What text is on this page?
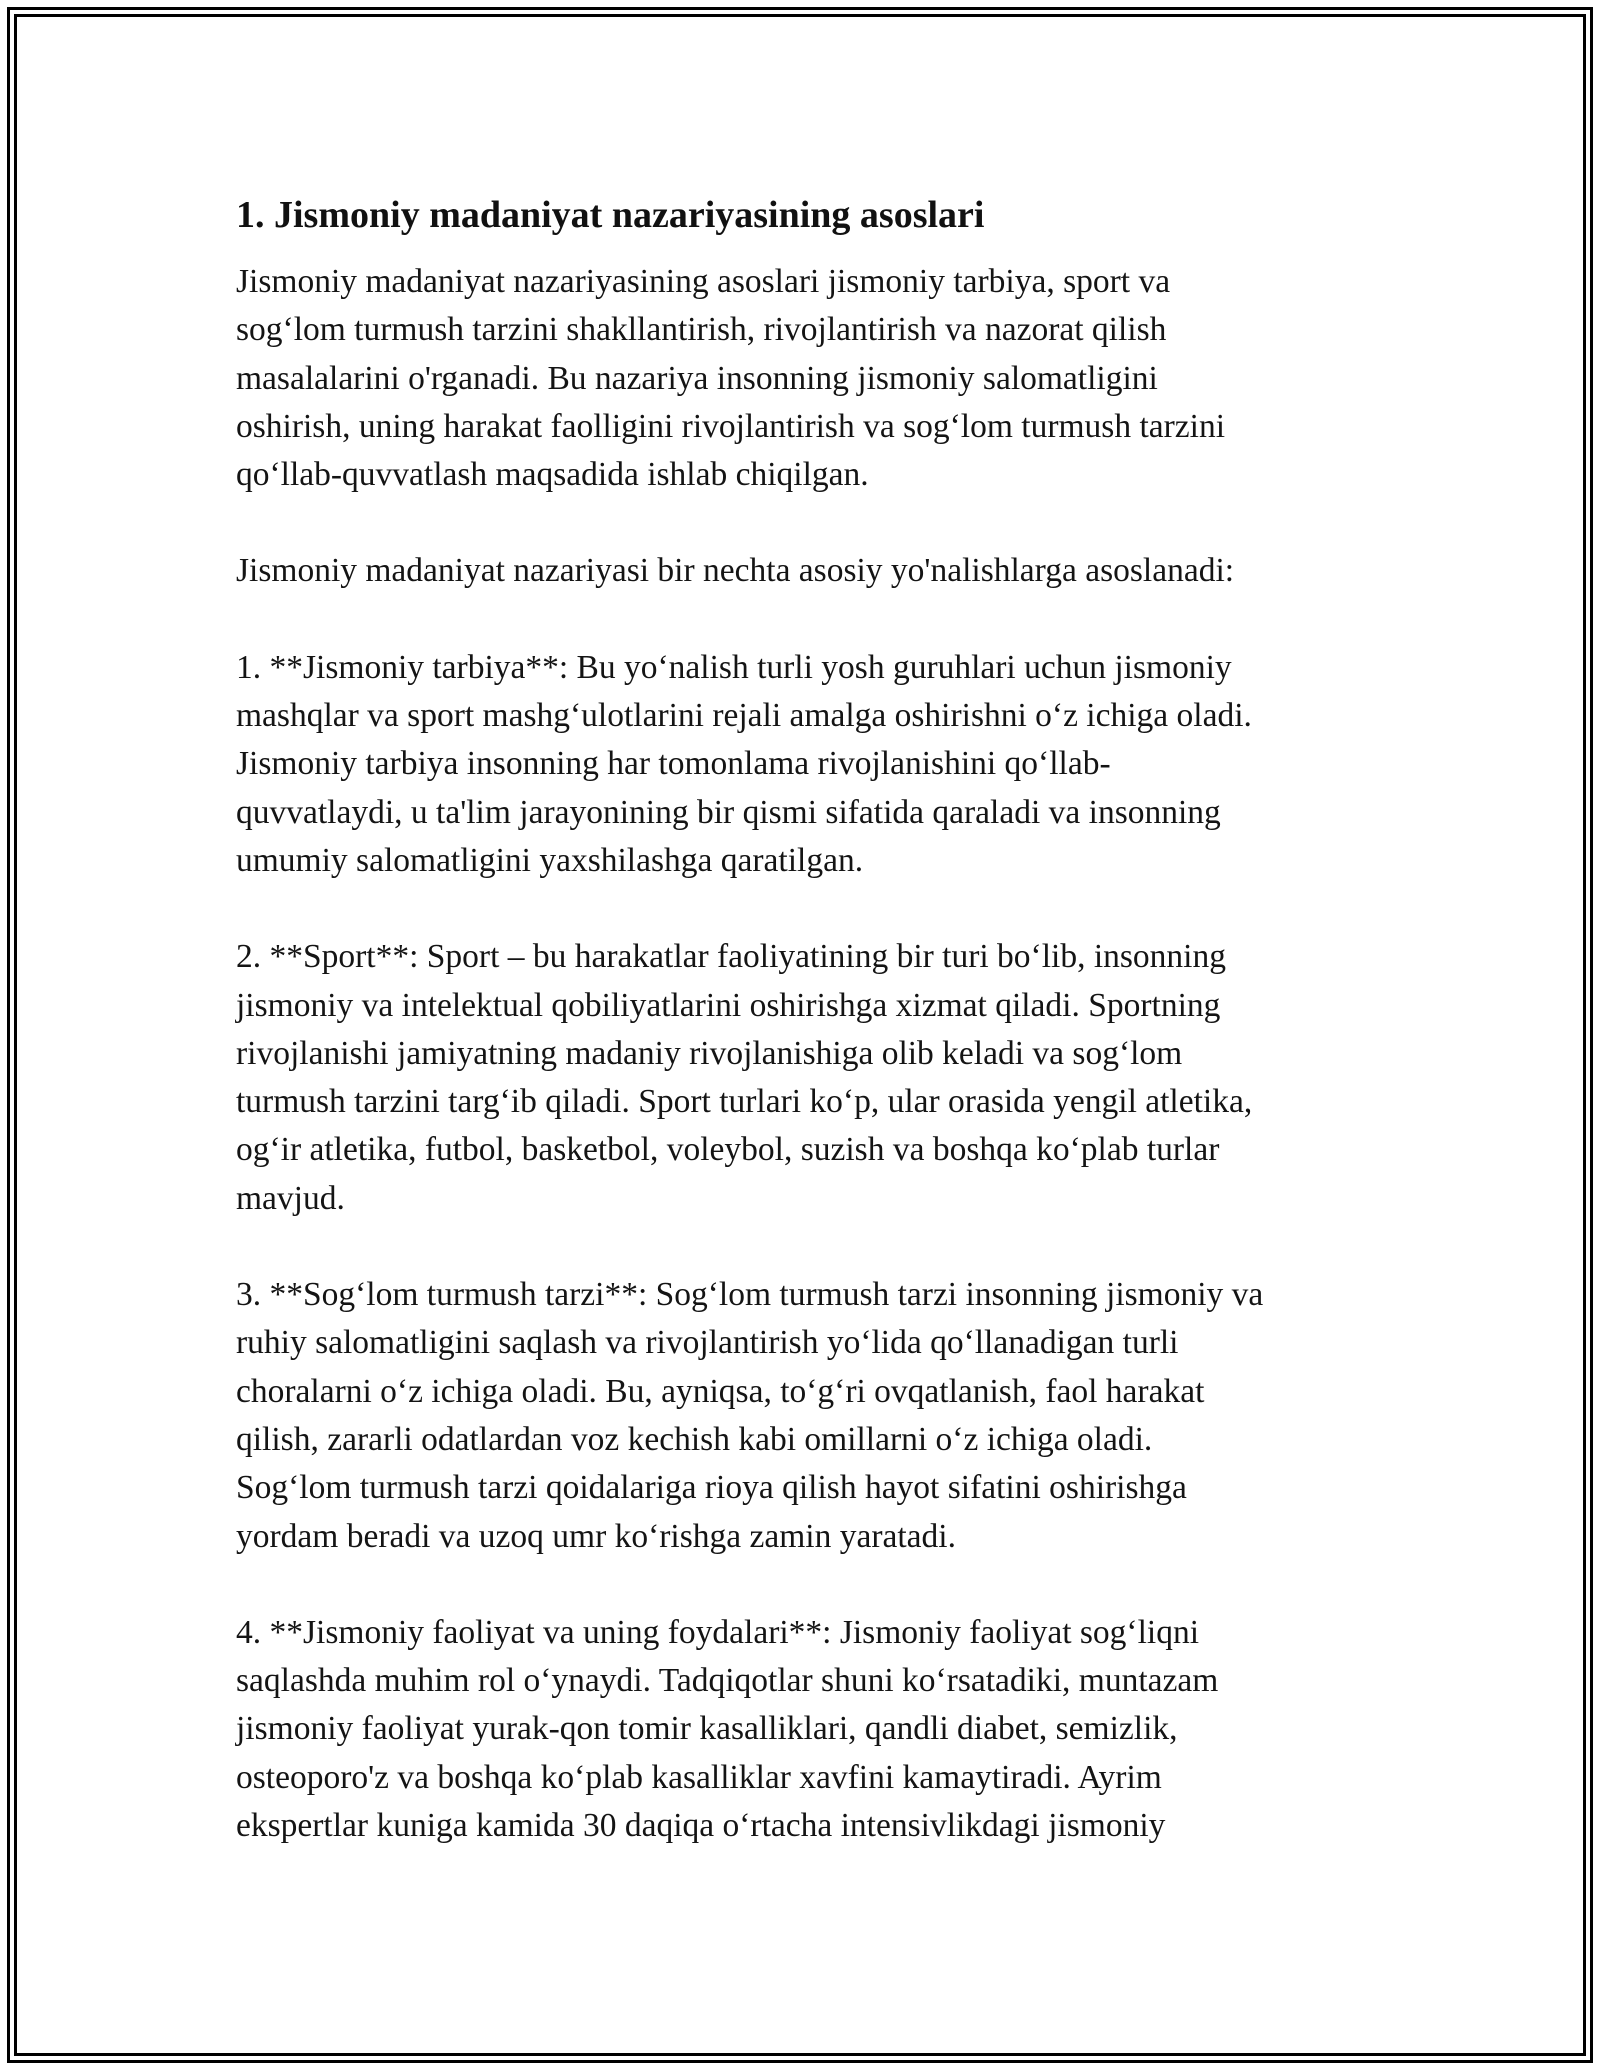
1. Jismoniy madaniyat nazariyasining asoslari

Jismoniy madaniyat nazariyasining asoslari jismoniy tarbiya, sport va
sog‘lom turmush tarzini shakllantirish, rivojlantirish va nazorat qilish
masalalarini o'rganadi. Bu nazariya insonning jismoniy salomatligini
oshirish, uning harakat faolligini rivojlantirish va sog‘lom turmush tarzini
qo‘llab-quvvatlash maqsadida ishlab chiqilgan.

Jismoniy madaniyat nazariyasi bir nechta asosiy yo'nalishlarga asoslanadi:

1. **Jismoniy tarbiya**: Bu yo‘nalish turli yosh guruhlari uchun jismoniy
mashqlar va sport mashg‘ulotlarini rejali amalga oshirishni o‘z ichiga oladi.
Jismoniy tarbiya insonning har tomonlama rivojlanishini qo‘llab-
quvvatlaydi, u ta'lim jarayonining bir qismi sifatida qaraladi va insonning
umumiy salomatligini yaxshilashga qaratilgan.

2. **Sport**: Sport – bu harakatlar faoliyatining bir turi bo‘lib, insonning
jismoniy va intelektual qobiliyatlarini oshirishga xizmat qiladi. Sportning
rivojlanishi jamiyatning madaniy rivojlanishiga olib keladi va sog‘lom
turmush tarzini targ‘ib qiladi. Sport turlari ko‘p, ular orasida yengil atletika,
og‘ir atletika, futbol, basketbol, voleybol, suzish va boshqa ko‘plab turlar
mavjud.

3. **Sog‘lom turmush tarzi**: Sog‘lom turmush tarzi insonning jismoniy va
ruhiy salomatligini saqlash va rivojlantirish yo‘lida qo‘llanadigan turli
choralarni o‘z ichiga oladi. Bu, ayniqsa, to‘g‘ri ovqatlanish, faol harakat
qilish, zararli odatlardan voz kechish kabi omillarni o‘z ichiga oladi.
Sog‘lom turmush tarzi qoidalariga rioya qilish hayot sifatini oshirishga
yordam beradi va uzoq umr ko‘rishga zamin yaratadi.

4. **Jismoniy faoliyat va uning foydalari**: Jismoniy faoliyat sog‘liqni
saqlashda muhim rol o‘ynaydi. Tadqiqotlar shuni ko‘rsatadiki, muntazam
jismoniy faoliyat yurak-qon tomir kasalliklari, qandli diabet, semizlik,
osteoporo'z va boshqa ko‘plab kasalliklar xavfini kamaytiradi. Ayrim
ekspertlar kuniga kamida 30 daqiqa o‘rtacha intensivlikdagi jismoniy
